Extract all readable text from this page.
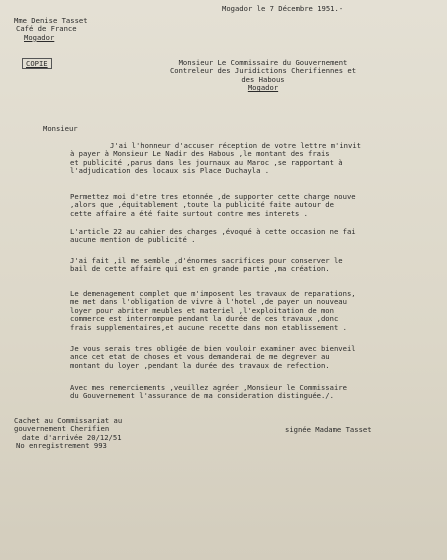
Mme Denise Tasset
Café de France
Mogador
Mogador le 7 Décembre 1951.-
COPIE	Monsieur Le Commissaire du Gouvernement
Contreleur des Juridictions Cherifiennes et
des Habous
Mogador
Monsieur
J'ai l'honneur d'accuser réception de votre lettre m'invit
à payer à Monsieur Le Nadir des Habous ,le montant des frais
et publicité ,parus dans les journaux au Maroc ,se rapportant à
l'adjudication des locaux sis Place Duchayla .
Permettez moi d'etre tres etonnée ,de supporter cette charge nouve
,alors que ,équitablement ,toute la publicité faite autour de
cette affaire a été faite surtout contre mes interets .
L'article 22 au cahier des charges ,évoqué à cette occasion ne fai
aucune mention de publicité .
J'ai fait ,il me semble ,d'énormes sacrifices pour conserver le
bail de cette affaire qui est en grande partie ,ma création.
Le demenagement complet que m'imposent les travaux de reparations,
me met dans l'obligation de vivre à l'hotel ,de payer un nouveau
loyer pour abriter meubles et materiel ,l'exploitation de mon
commerce est interrompue pendant la durée de ces travaux ,donc
frais supplementaires,et aucune recette dans mon etablissement .
Je vous serais tres obligée de bien vouloir examiner avec bienveil
ance cet etat de choses et vous demanderai de me degrever au
montant du loyer ,pendant la durée des travaux de refection.
Avec mes remerciements ,veuillez agréer ,Monsieur le Commissaire
du Gouvernement l'assurance de ma consideration distinguée./.
Cachet au Commissariat au
gouvernement Cherifien
date d'arrivée 20/12/51
No enregistrement 993
signée Madame Tasset
